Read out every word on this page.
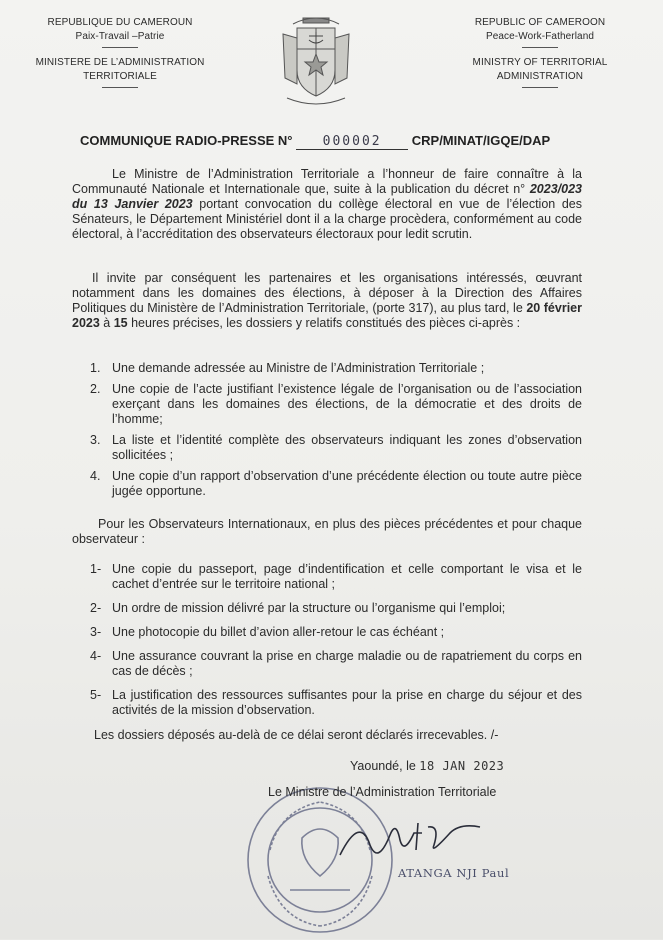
REPUBLIQUE DU CAMEROUN
Paix-Travail –Patrie
MINISTERE DE L’ADMINISTRATION
TERRITORIALE
REPUBLIC OF CAMEROON
Peace-Work-Fatherland
MINISTRY OF TERRITORIAL
ADMINISTRATION
COMMUNIQUE RADIO-PRESSE N° 000002 CRP/MINAT/IGQE/DAP
Le Ministre de l’Administration Territoriale a l’honneur de faire connaître à la Communauté Nationale et Internationale que, suite à la publication du décret n° 2023/023 du 13 Janvier 2023 portant convocation du collège électoral en vue de l’élection des Sénateurs, le Département Ministériel dont il a la charge procèdera, conformément au code électoral, à l’accréditation des observateurs électoraux pour ledit scrutin.
Il invite par conséquent les partenaires et les organisations intéressés, œuvrant notamment dans les domaines des élections, à déposer à la Direction des Affaires Politiques du Ministère de l’Administration Territoriale, (porte 317), au plus tard, le 20 février 2023 à 15 heures précises, les dossiers y relatifs constitués des pièces ci-après :
1. Une demande adressée au Ministre de l’Administration Territoriale ;
2. Une copie de l’acte justifiant l’existence légale de l’organisation ou de l’association exerçant dans les domaines des élections, de la démocratie et des droits de l’homme;
3. La liste et l’identité complète des observateurs indiquant les zones d’observation sollicitées ;
4. Une copie d’un rapport d’observation d’une précédente élection ou toute autre pièce jugée opportune.
Pour les Observateurs Internationaux, en plus des pièces précédentes et pour chaque observateur :
1- Une copie du passeport, page d’indentification et celle comportant le visa et le cachet d’entrée sur le territoire national ;
2- Un ordre de mission délivré par la structure ou l’organisme qui l’emploi;
3- Une photocopie du billet d’avion aller-retour le cas échéant ;
4- Une assurance couvrant la prise en charge maladie ou de rapatriement du corps en cas de décès ;
5- La justification des ressources suffisantes pour la prise en charge du séjour et des activités de la mission d’observation.
Les dossiers déposés au-delà de ce délai seront déclarés irrecevables. /-
Yaoundé, le 18 JAN 2023
Le Ministre de l’Administration Territoriale
ATANGA NJI Paul
